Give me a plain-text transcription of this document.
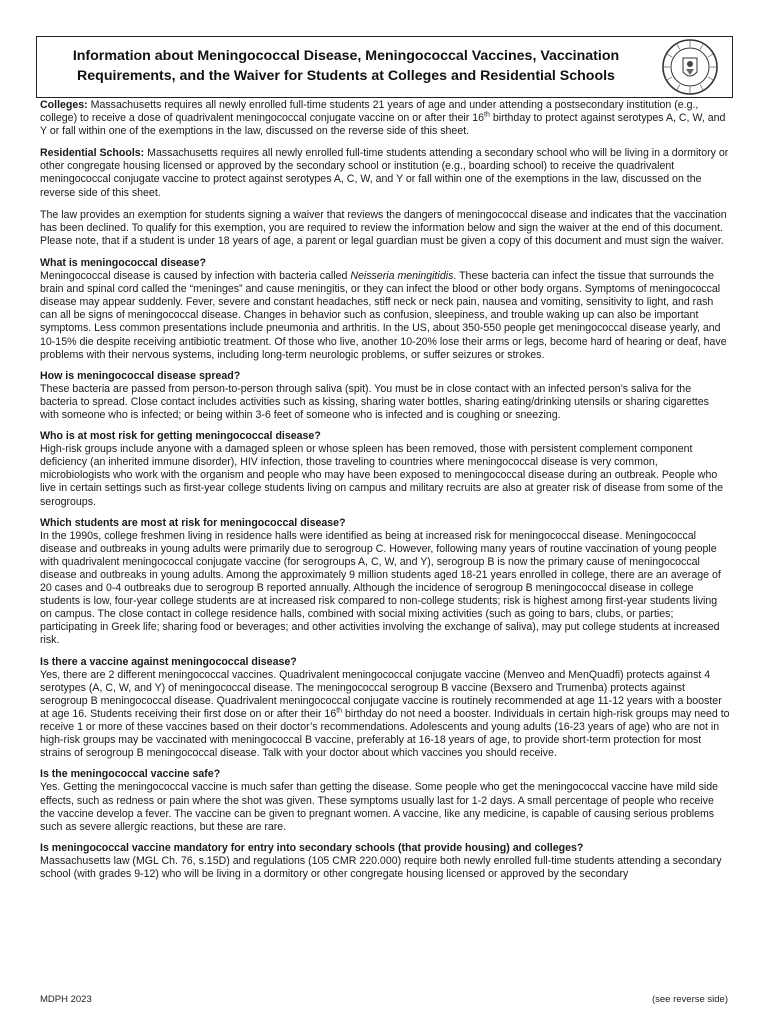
Information about Meningococcal Disease, Meningococcal Vaccines, Vaccination Requirements, and the Waiver for Students at Colleges and Residential Schools

Colleges: Massachusetts requires all newly enrolled full-time students 21 years of age and under attending a postsecondary institution (e.g., college) to receive a dose of quadrivalent meningococcal conjugate vaccine on or after their 16th birthday to protect against serotypes A, C, W, and Y or fall within one of the exemptions in the law, discussed on the reverse side of this sheet.

Residential Schools: Massachusetts requires all newly enrolled full-time students attending a secondary school who will be living in a dormitory or other congregate housing licensed or approved by the secondary school or institution (e.g., boarding school) to receive the quadrivalent meningococcal conjugate vaccine to protect against serotypes A, C, W, and Y or fall within one of the exemptions in the law, discussed on the reverse side of this sheet.

The law provides an exemption for students signing a waiver that reviews the dangers of meningococcal disease and indicates that the vaccination has been declined. To qualify for this exemption, you are required to review the information below and sign the waiver at the end of this document. Please note, that if a student is under 18 years of age, a parent or legal guardian must be given a copy of this document and must sign the waiver.

What is meningococcal disease?

Meningococcal disease is caused by infection with bacteria called Neisseria meningitidis. These bacteria can infect the tissue that surrounds the brain and spinal cord called the “meninges” and cause meningitis, or they can infect the blood or other body organs. Symptoms of meningococcal disease may appear suddenly. Fever, severe and constant headaches, stiff neck or neck pain, nausea and vomiting, sensitivity to light, and rash can all be signs of meningococcal disease. Changes in behavior such as confusion, sleepiness, and trouble waking up can also be important symptoms. Less common presentations include pneumonia and arthritis. In the US, about 350-550 people get meningococcal disease yearly, and 10-15% die despite receiving antibiotic treatment. Of those who live, another 10-20% lose their arms or legs, become hard of hearing or deaf, have problems with their nervous systems, including long-term neurologic problems, or suffer seizures or strokes.

How is meningococcal disease spread?

These bacteria are passed from person-to-person through saliva (spit). You must be in close contact with an infected person’s saliva for the bacteria to spread. Close contact includes activities such as kissing, sharing water bottles, sharing eating/drinking utensils or sharing cigarettes with someone who is infected; or being within 3-6 feet of someone who is infected and is coughing or sneezing.

Who is at most risk for getting meningococcal disease?

High-risk groups include anyone with a damaged spleen or whose spleen has been removed, those with persistent complement component deficiency (an inherited immune disorder), HIV infection, those traveling to countries where meningococcal disease is very common, microbiologists who work with the organism and people who may have been exposed to meningococcal disease during an outbreak. People who live in certain settings such as first-year college students living on campus and military recruits are also at greater risk of disease from some of the serogroups.

Which students are most at risk for meningococcal disease?

In the 1990s, college freshmen living in residence halls were identified as being at increased risk for meningococcal disease. Meningococcal disease and outbreaks in young adults were primarily due to serogroup C. However, following many years of routine vaccination of young people with quadrivalent meningococcal conjugate vaccine (for serogroups A, C, W, and Y), serogroup B is now the primary cause of meningococcal disease and outbreaks in young adults. Among the approximately 9 million students aged 18-21 years enrolled in college, there are an average of 20 cases and 0-4 outbreaks due to serogroup B reported annually. Although the incidence of serogroup B meningococcal disease in college students is low, four-year college students are at increased risk compared to non-college students; risk is highest among first-year students living on campus. The close contact in college residence halls, combined with social mixing activities (such as going to bars, clubs, or parties; participating in Greek life; sharing food or beverages; and other activities involving the exchange of saliva), may put college students at increased risk.

Is there a vaccine against meningococcal disease?

Yes, there are 2 different meningococcal vaccines. Quadrivalent meningococcal conjugate vaccine (Menveo and MenQuadfi) protects against 4 serotypes (A, C, W, and Y) of meningococcal disease. The meningococcal serogroup B vaccine (Bexsero and Trumenba) protects against serogroup B meningococcal disease. Quadrivalent meningococcal conjugate vaccine is routinely recommended at age 11-12 years with a booster at age 16. Students receiving their first dose on or after their 16th birthday do not need a booster. Individuals in certain high-risk groups may need to receive 1 or more of these vaccines based on their doctor’s recommendations. Adolescents and young adults (16-23 years of age) who are not in high-risk groups may be vaccinated with meningococcal B vaccine, preferably at 16-18 years of age, to provide short-term protection for most strains of serogroup B meningococcal disease. Talk with your doctor about which vaccines you should receive.

Is the meningococcal vaccine safe?

Yes. Getting the meningococcal vaccine is much safer than getting the disease. Some people who get the meningococcal vaccine have mild side effects, such as redness or pain where the shot was given. These symptoms usually last for 1-2 days. A small percentage of people who receive the vaccine develop a fever. The vaccine can be given to pregnant women. A vaccine, like any medicine, is capable of causing serious problems such as severe allergic reactions, but these are rare.

Is meningococcal vaccine mandatory for entry into secondary schools (that provide housing) and colleges?

Massachusetts law (MGL Ch. 76, s.15D) and regulations (105 CMR 220.000) require both newly enrolled full-time students attending a secondary school (with grades 9-12) who will be living in a dormitory or other congregate housing licensed or approved by the secondary

MDPH 2023	(see reverse side)
